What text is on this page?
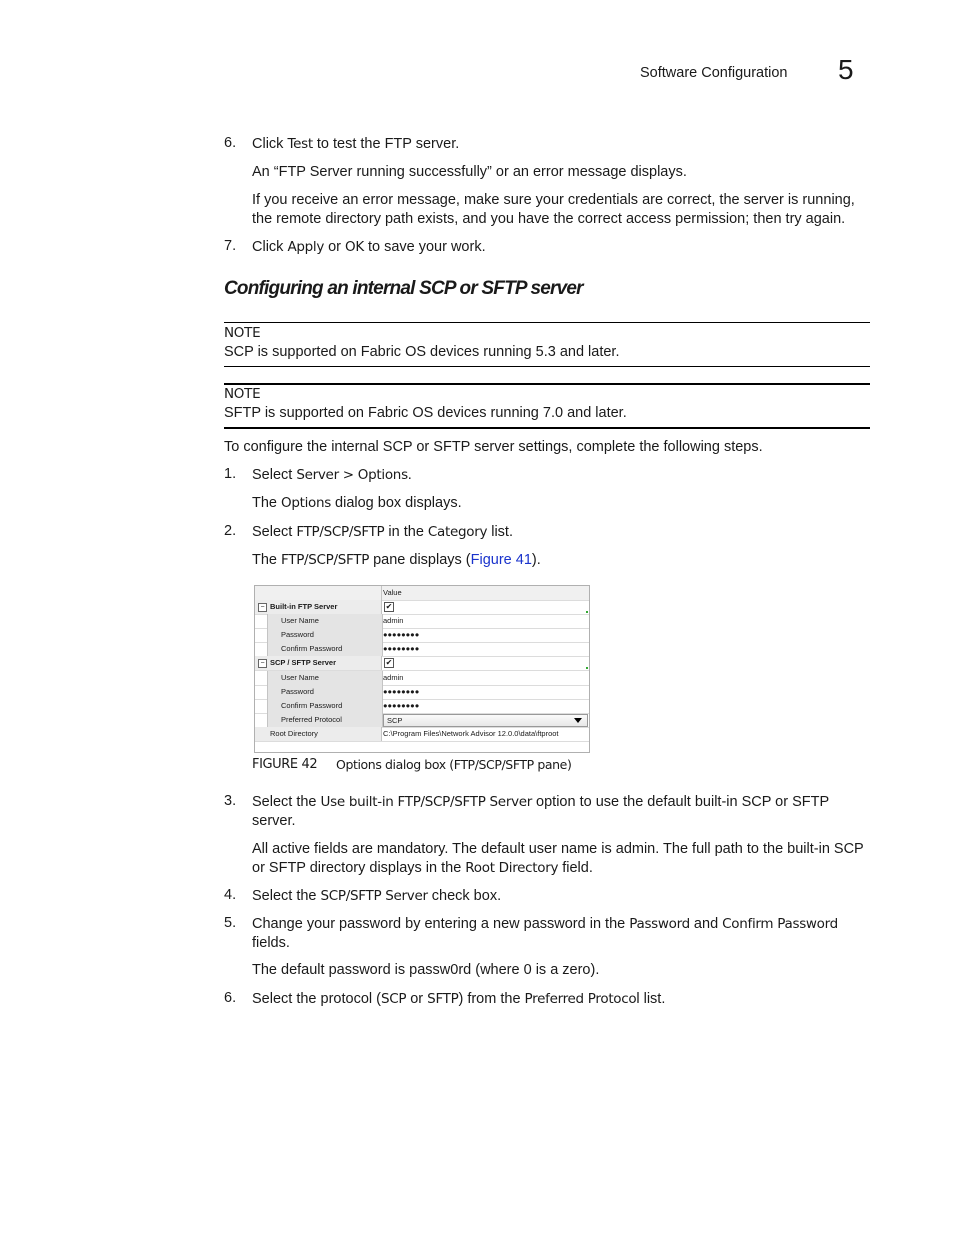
Software Configuration 5
6. Click Test to test the FTP server.
An “FTP Server running successfully” or an error message displays.
If you receive an error message, make sure your credentials are correct, the server is running, the remote directory path exists, and you have the correct access permission; then try again.
7. Click Apply or OK to save your work.
Configuring an internal SCP or SFTP server
NOTE
SCP is supported on Fabric OS devices running 5.3 and later.
NOTE
SFTP is supported on Fabric OS devices running 7.0 and later.
To configure the internal SCP or SFTP server settings, complete the following steps.
1. Select Server > Options.
The Options dialog box displays.
2. Select FTP/SCP/SFTP in the Category list.
The FTP/SCP/SFTP pane displays (Figure 41).
Value
− Built-in FTP Server	✔
User Name	admin
Password	●●●●●●●●
Confirm Password	●●●●●●●●
− SCP / SFTP Server	✔
User Name	admin
Password	●●●●●●●●
Confirm Password	●●●●●●●●
Preferred Protocol	SCP
Root Directory	C:\Program Files\Network Advisor 12.0.0\data\ftproot
FIGURE 42 Options dialog box (FTP/SCP/SFTP pane)
3. Select the Use built-in FTP/SCP/SFTP Server option to use the default built-in SCP or SFTP server.
All active fields are mandatory. The default user name is admin. The full path to the built-in SCP or SFTP directory displays in the Root Directory field.
4. Select the SCP/SFTP Server check box.
5. Change your password by entering a new password in the Password and Confirm Password fields.
The default password is passw0rd (where 0 is a zero).
6. Select the protocol (SCP or SFTP) from the Preferred Protocol list.
